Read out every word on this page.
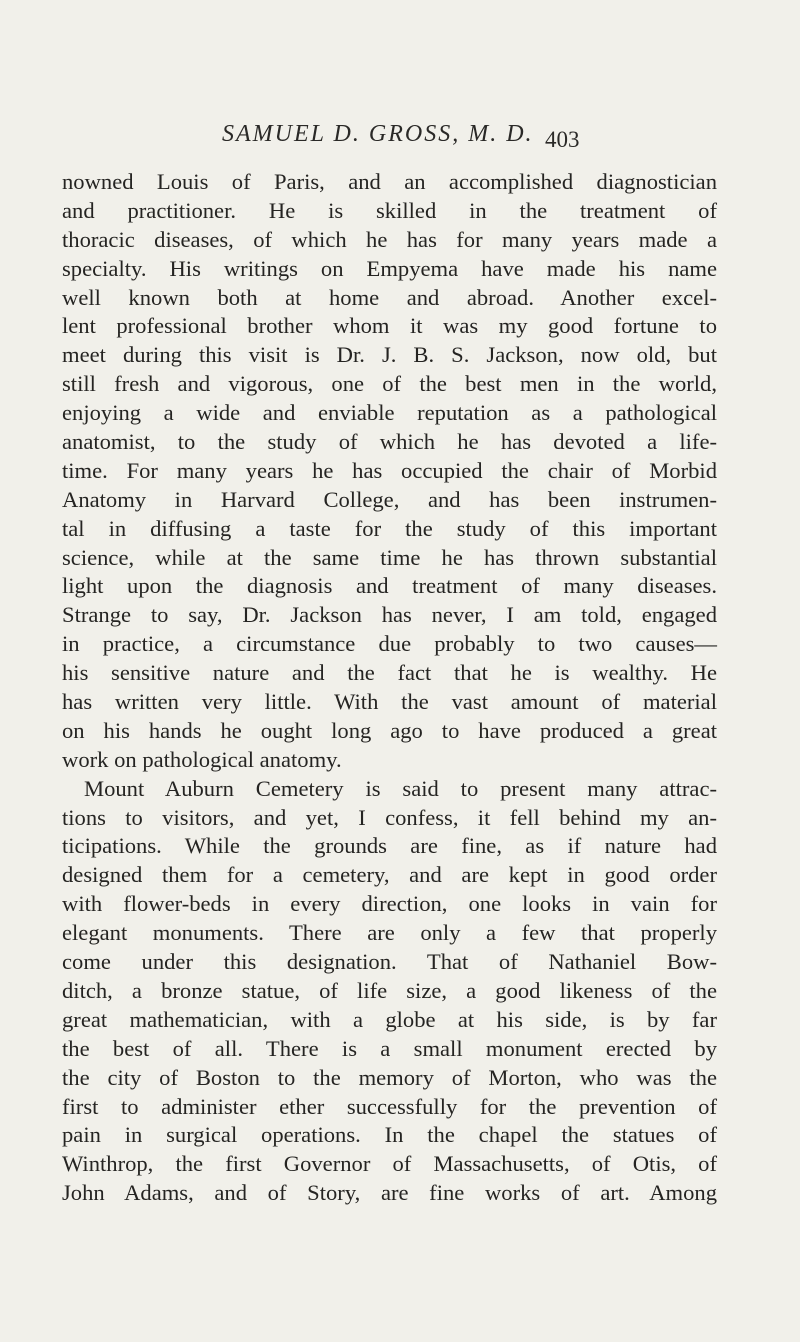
SAMUEL D. GROSS, M. D. 403

nowned Louis of Paris, and an accomplished diagnostician
and practitioner. He is skilled in the treatment of
thoracic diseases, of which he has for many years made a
specialty. His writings on Empyema have made his name
well known both at home and abroad. Another excel-
lent professional brother whom it was my good fortune to
meet during this visit is Dr. J. B. S. Jackson, now old, but
still fresh and vigorous, one of the best men in the world,
enjoying a wide and enviable reputation as a pathological
anatomist, to the study of which he has devoted a life-
time. For many years he has occupied the chair of Morbid
Anatomy in Harvard College, and has been instrumen-
tal in diffusing a taste for the study of this important
science, while at the same time he has thrown substantial
light upon the diagnosis and treatment of many diseases.
Strange to say, Dr. Jackson has never, I am told, engaged
in practice, a circumstance due probably to two causes—
his sensitive nature and the fact that he is wealthy. He
has written very little. With the vast amount of material
on his hands he ought long ago to have produced a great
work on pathological anatomy.

Mount Auburn Cemetery is said to present many attrac-
tions to visitors, and yet, I confess, it fell behind my an-
ticipations. While the grounds are fine, as if nature had
designed them for a cemetery, and are kept in good order
with flower-beds in every direction, one looks in vain for
elegant monuments. There are only a few that properly
come under this designation. That of Nathaniel Bow-
ditch, a bronze statue, of life size, a good likeness of the
great mathematician, with a globe at his side, is by far
the best of all. There is a small monument erected by
the city of Boston to the memory of Morton, who was the
first to administer ether successfully for the prevention of
pain in surgical operations. In the chapel the statues of
Winthrop, the first Governor of Massachusetts, of Otis, of
John Adams, and of Story, are fine works of art. Among
